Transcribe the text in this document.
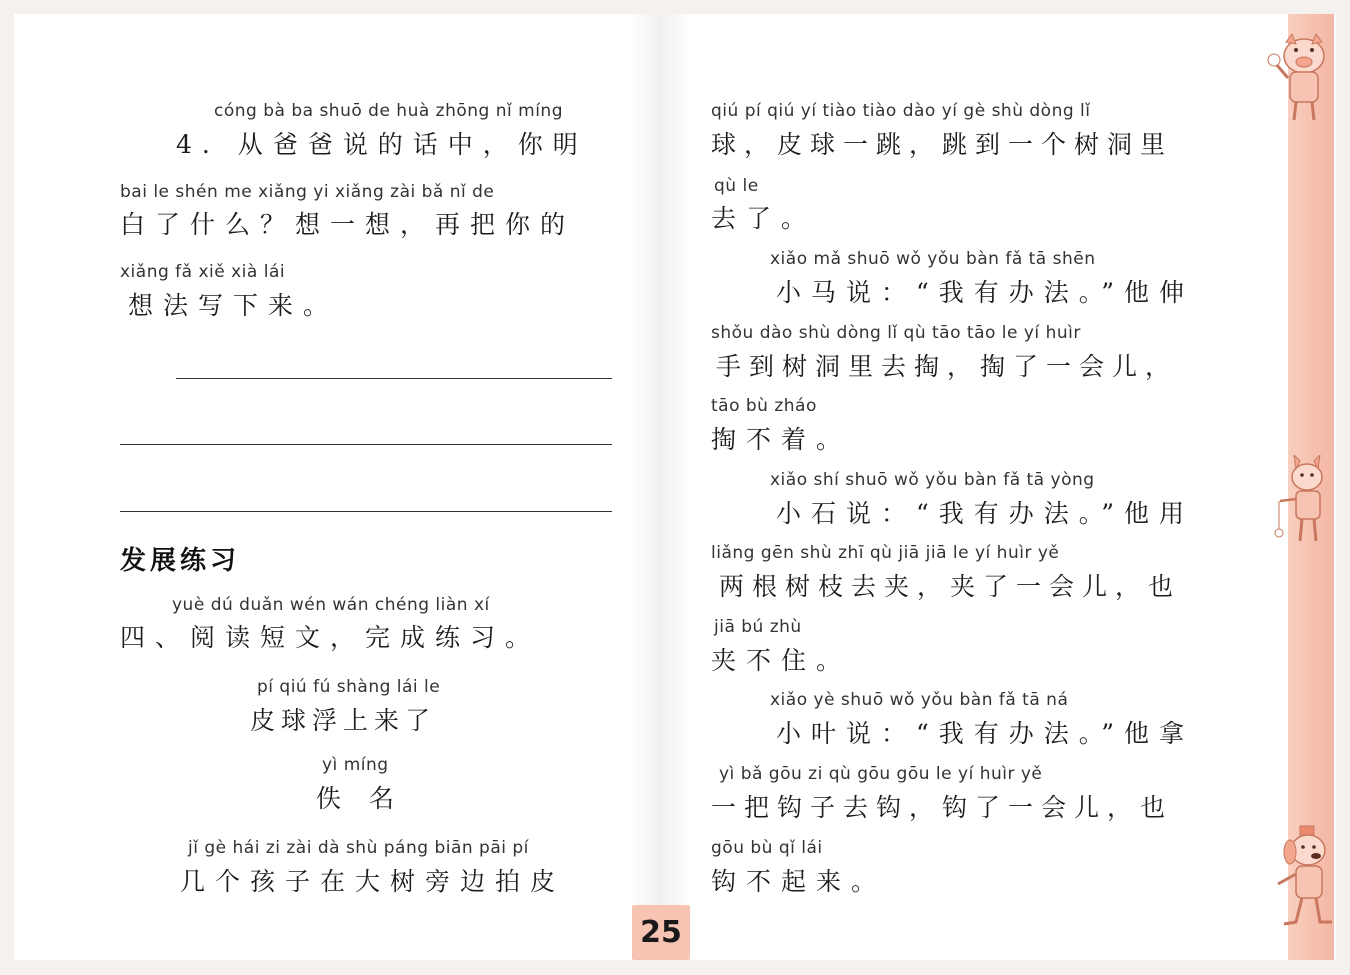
cóng bà ba shuō de huà zhōng nǐ míng
4. 从爸爸说的话中，你明
bai le shén me xiǎng yi xiǎng zài bǎ nǐ de
白了什么？想一想，再把你的
xiǎng fǎ xiě xià lái
想法写下来。
发展练习
yuè dú duǎn wén wán chéng liàn xí
四、阅读短文，完成练习。
pí qiú fú shàng lái le
皮球浮上来了
yì míng
佚 名
jǐ gè hái zi zài dà shù páng biān pāi pí
几个孩子在大树旁边拍皮
qiú pí qiú yí tiào tiào dào yí gè shù dòng lǐ
球，皮球一跳，跳到一个树洞里
qù le
去了。
xiǎo mǎ shuō wǒ yǒu bàn fǎ tā shēn
小马说：“我有办法。”他伸
shǒu dào shù dòng lǐ qù tāo tāo le yí huìr
手到树洞里去掏，掏了一会儿，
tāo bù zháo
掏不着。
xiǎo shí shuō wǒ yǒu bàn fǎ tā yòng
小石说：“我有办法。”他用
liǎng gēn shù zhī qù jiā jiā le yí huìr yě
两根树枝去夹，夹了一会儿，也
jiā bú zhù
夹不住。
xiǎo yè shuō wǒ yǒu bàn fǎ tā ná
小叶说：“我有办法。”他拿
yì bǎ gōu zi qù gōu gōu le yí huìr yě
一把钩子去钩，钩了一会儿，也
gōu bù qǐ lái
钩不起来。
25
